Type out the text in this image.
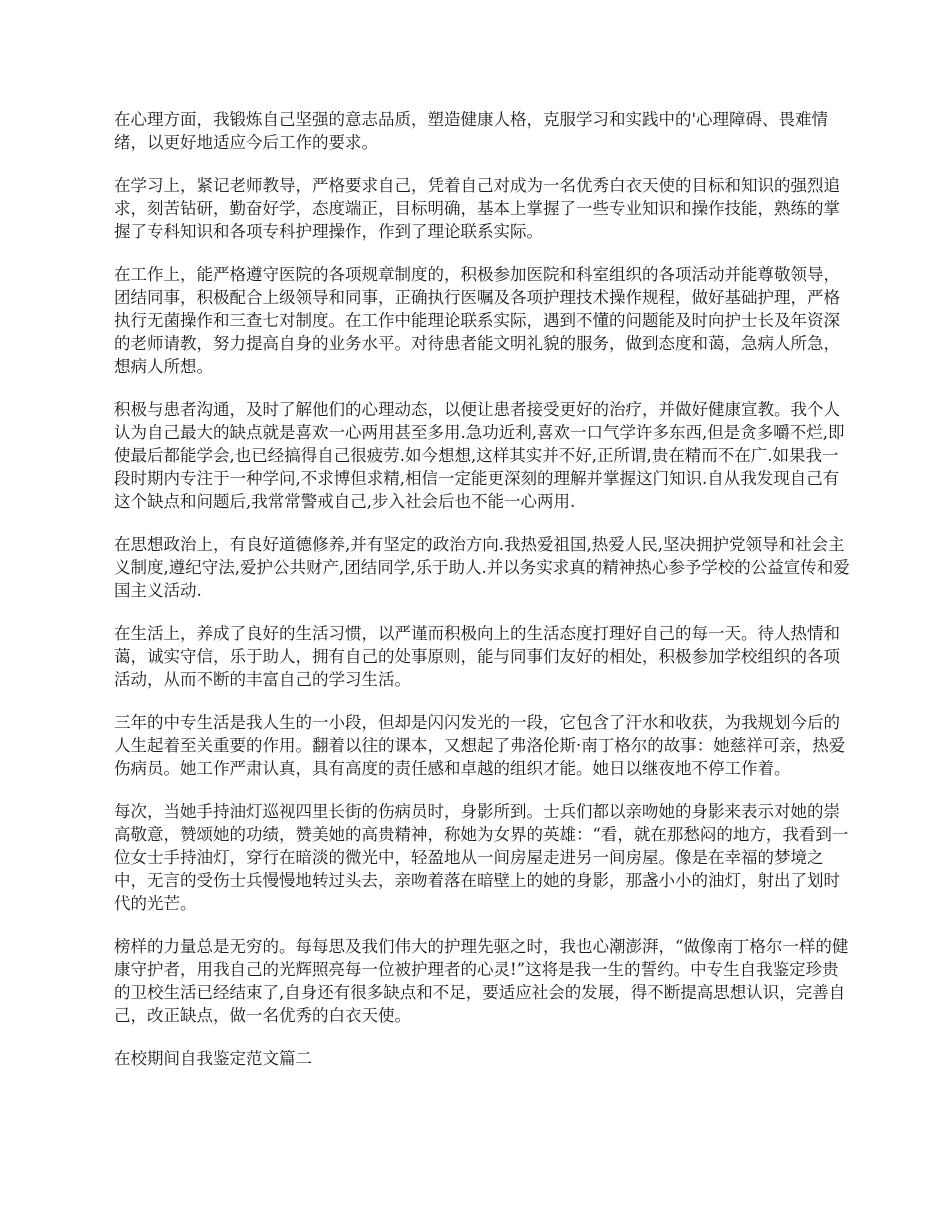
在心理方面，我锻炼自己坚强的意志品质，塑造健康人格，克服学习和实践中的'心理障碍、畏难情绪，以更好地适应今后工作的要求。

在学习上，紧记老师教导，严格要求自己，凭着自己对成为一名优秀白衣天使的目标和知识的强烈追求，刻苦钻研，勤奋好学，态度端正，目标明确，基本上掌握了一些专业知识和操作技能，熟练的掌握了专科知识和各项专科护理操作，作到了理论联系实际。

在工作上，能严格遵守医院的各项规章制度的，积极参加医院和科室组织的各项活动并能尊敬领导，团结同事，积极配合上级领导和同事，正确执行医嘱及各项护理技术操作规程，做好基础护理，严格执行无菌操作和三查七对制度。在工作中能理论联系实际，遇到不懂的问题能及时向护士长及年资深的老师请教，努力提高自身的业务水平。对待患者能文明礼貌的服务，做到态度和蔼，急病人所急，想病人所想。

积极与患者沟通，及时了解他们的心理动态，以便让患者接受更好的治疗，并做好健康宣教。我个人认为自己最大的缺点就是喜欢一心两用甚至多用.急功近利,喜欢一口气学许多东西,但是贪多嚼不烂,即使最后都能学会,也已经搞得自己很疲劳.如今想想,这样其实并不好,正所谓,贵在精而不在广.如果我一段时期内专注于一种学问,不求博但求精,相信一定能更深刻的理解并掌握这门知识.自从我发现自己有这个缺点和问题后,我常常警戒自己,步入社会后也不能一心两用.

在思想政治上，有良好道德修养,并有坚定的政治方向.我热爱祖国,热爱人民,坚决拥护党领导和社会主义制度,遵纪守法,爱护公共财产,团结同学,乐于助人.并以务实求真的精神热心参予学校的公益宣传和爱国主义活动.

在生活上，养成了良好的生活习惯，以严谨而积极向上的生活态度打理好自己的每一天。待人热情和蔼，诚实守信，乐于助人，拥有自己的处事原则，能与同事们友好的相处，积极参加学校组织的各项活动，从而不断的丰富自己的学习生活。

三年的中专生活是我人生的一小段，但却是闪闪发光的一段，它包含了汗水和收获，为我规划今后的人生起着至关重要的作用。翻着以往的课本，又想起了弗洛伦斯·南丁格尔的故事：她慈祥可亲，热爱伤病员。她工作严肃认真，具有高度的责任感和卓越的组织才能。她日以继夜地不停工作着。

每次，当她手持油灯巡视四里长街的伤病员时，身影所到。士兵们都以亲吻她的身影来表示对她的崇高敬意，赞颂她的功绩，赞美她的高贵精神，称她为女界的英雄：“看，就在那愁闷的地方，我看到一位女士手持油灯，穿行在暗淡的微光中，轻盈地从一间房屋走进另一间房屋。像是在幸福的梦境之中，无言的受伤士兵慢慢地转过头去，亲吻着落在暗壁上的她的身影，那盏小小的油灯，射出了划时代的光芒。

榜样的力量总是无穷的。每每思及我们伟大的护理先驱之时，我也心潮澎湃，“做像南丁格尔一样的健康守护者，用我自己的光辉照亮每一位被护理者的心灵!”这将是我一生的誓约。中专生自我鉴定珍贵的卫校生活已经结束了,自身还有很多缺点和不足，要适应社会的发展，得不断提高思想认识，完善自己，改正缺点，做一名优秀的白衣天使。

在校期间自我鉴定范文篇二
